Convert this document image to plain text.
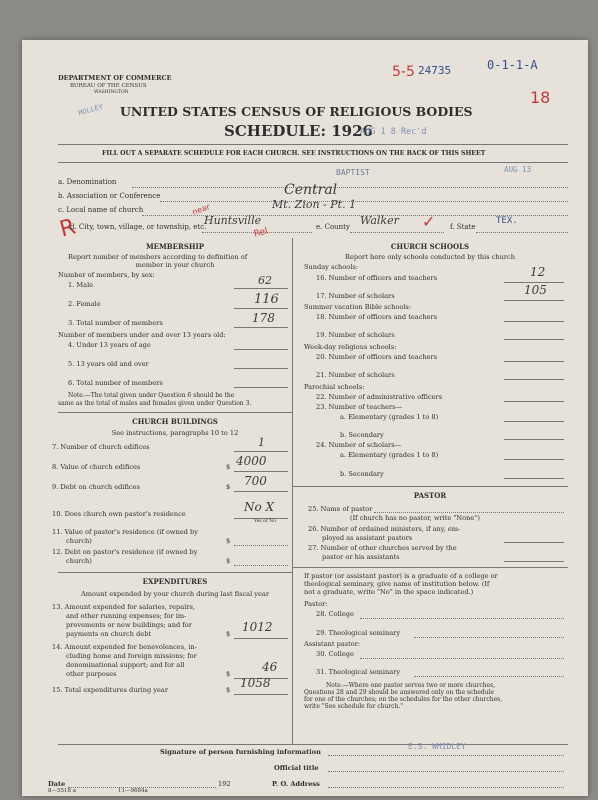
DEPARTMENT OF COMMERCE
BUREAU OF THE CENSUS
WASHINGTON
5-5 24735	0-1-1-A
18
HOLLEY UNITED STATES CENSUS OF RELIGIOUS BODIES
SCHEDULE: 1926
AUG 1 8 Rec'd
FILL OUT A SEPARATE SCHEDULE FOR EACH CHURCH. SEE INSTRUCTIONS ON THE BACK OF THIS SHEET
AUG 13
BAPTIST
a. Denomination
b. Association or Conference	Central
c. Local name of church	Mt. Zion - Pt. 1
near
R
d. City, town, village, or township, etc.
Huntsville	e. County Walker ✓ f. State
TEX.
Rel
MEMBERSHIP
Report number of members according to definition of
member in your church
Number of members, by sex:
1. Male	62
2. Female	116
3. Total number of members	178
Number of members under and over 13 years old:
4. Under 13 years of age
5. 13 years old and over
6. Total number of members
Note.—The total given under Question 6 should be the
same as the total of males and females given under Question 3.
CHURCH BUILDINGS
See instructions, paragraphs 10 to 12
7. Number of church edifices	1
8. Value of church edifices	$ 4000
9. Debt on church edifices	$ 700
10. Does church own pastor's residence	No X
Yes or No
11. Value of pastor's residence (if owned by
church)	$
12. Debt on pastor's residence (if owned by
church)	$
EXPENDITURES
Amount expended by your church during last fiscal year
13. Amount expended for salaries, repairs,
and other running expenses; for im-
provements or new buildings; and for
payments on church debt	$ 1012
14. Amount expended for benevolences, in-
cluding home and foreign missions; for
denominational support; and for all
other purposes	$	46
15. Total expenditures during year	$ 1058
CHURCH SCHOOLS
Report here only schools conducted by this church
Sunday schools:
16. Number of officers and teachers	12
17. Number of scholars	105
Summer vacation Bible schools:
18. Number of officers and teachers
19. Number of scholars
Week-day religious schools:
20. Number of officers and teachers
21. Number of scholars
Parochial schools:
22. Number of administrative officers
23. Number of teachers—
a. Elementary (grades 1 to 8)
b. Secondary
24. Number of scholars—
a. Elementary (grades 1 to 8)
b. Secondary
PASTOR
25. Name of pastor
(If church has no pastor, write "None")
26. Number of ordained ministers, if any, em-
ployed as assistant pastors
27. Number of other churches served by the
pastor or his assistants
If pastor (or assistant pastor) is a graduate of a college or
theological seminary, give name of institution below. (If
not a graduate, write "No" in the space indicated.)
Pastor:
28. College
29. Theological seminary
Assistant pastor:
30. College
31. Theological seminary
Note.—Where one pastor serves two or more churches,
Questions 28 and 29 should be answered only on the schedule
for one of the churches; on the schedules for the other churches,
write "See schedule for church."
Signature of person furnishing information
E.S. WHIDLEY
Official title
Date	192	P. O. Address
8—5518 a	11—9684a
